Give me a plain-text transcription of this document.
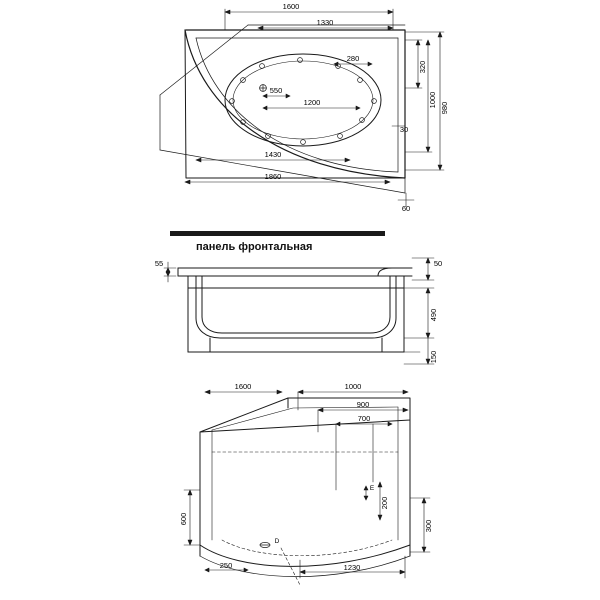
1600
1330
280
550
1200
30
1430
1860
60
320
1000 980
55	50
490
150
1600	1000
900
700
E
200
600
300
250	1230
D
панель фронтальная
